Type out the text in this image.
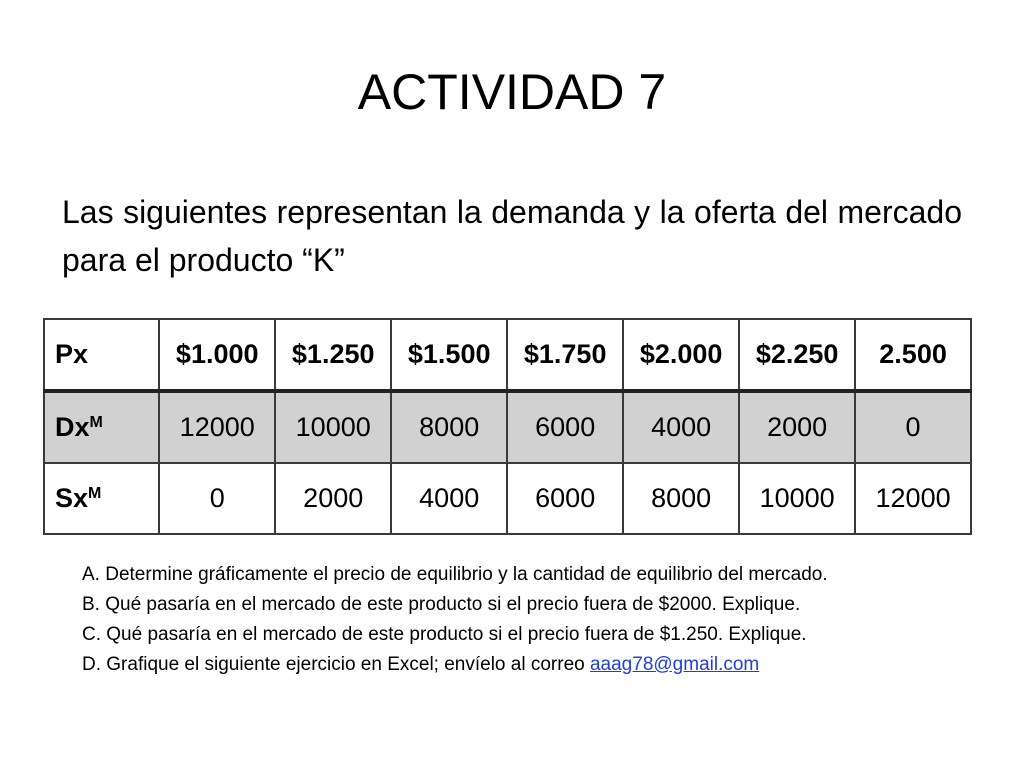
ACTIVIDAD 7
Las siguientes representan la demanda y la oferta del mercado para el producto “K”
Px	$1.000	$1.250	$1.500	$1.750	$2.000	$2.250	2.500
$Dx^M$	12000	10000	8000	6000	4000	2000	0
$Sx^M$	0	2000	4000	6000	8000	10000	12000

A. Determine gráficamente el precio de equilibrio y la cantidad de equilibrio del mercado.

B. Qué pasaría en el mercado de este producto si el precio fuera de $2000. Explique.

C. Qué pasaría en el mercado de este producto si el precio fuera de $1.250. Explique.

D. Grafique el siguiente ejercicio en Excel; envíelo al correo aaag78@gmail.com
